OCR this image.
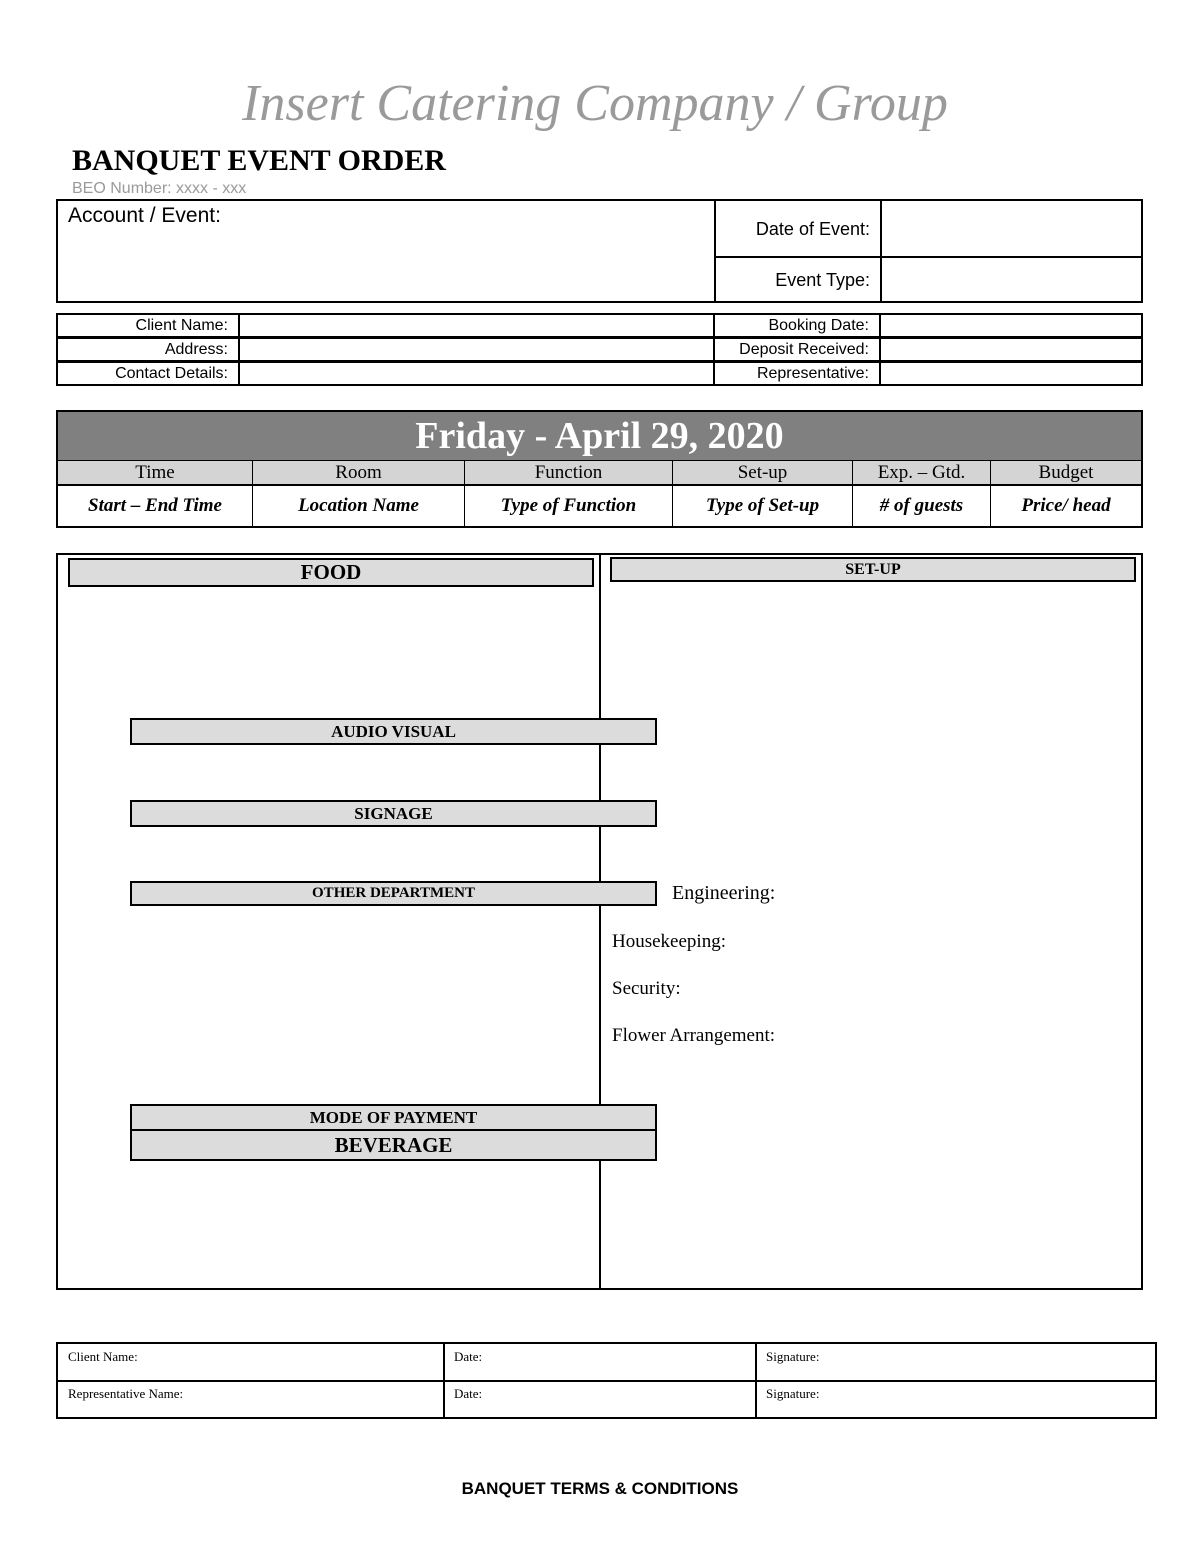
Insert Catering Company / Group
BANQUET EVENT ORDER
BEO Number: xxxx - xxx
Account / Event:
Date of Event:
Event Type:
Client Name:	Booking Date:
Address:	Deposit Received:
Contact Details:	Representative:
Friday - April 29, 2020
Time	Room	Function	Set-up	Exp. – Gtd.	Budget
Start – End Time	Location Name	Type of Function	Type of Set-up	# of guests	Price/ head
FOOD	SET-UP
AUDIO VISUAL
SIGNAGE
OTHER DEPARTMENT	Engineering:
Housekeeping:
Security:
Flower Arrangement:
MODE OF PAYMENT
BEVERAGE
Client Name:	Date:	Signature:
Representative Name:	Date:	Signature:
BANQUET TERMS & CONDITIONS
